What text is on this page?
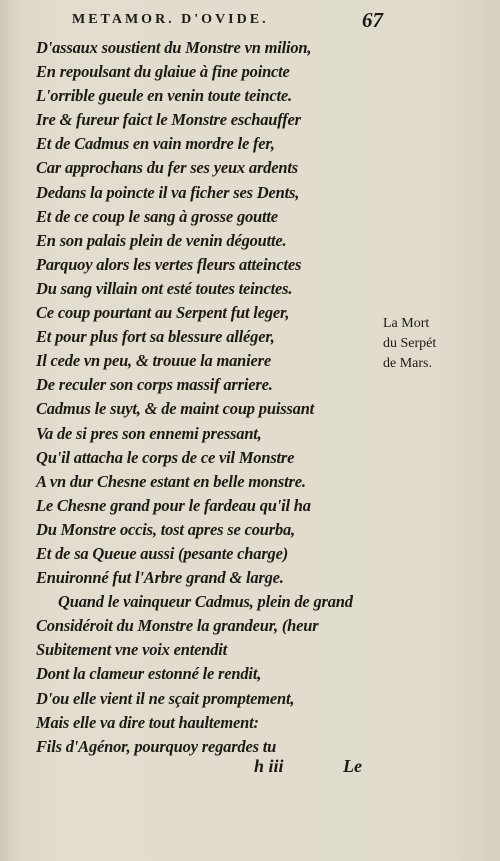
METAMOR. D'OVIDE.	67
D'assaux soustient du Monstre vn milion,
En repoulsant du glaiue à fine poincte
L'orrible gueule en venin toute teincte.
Ire & fureur faict le Monstre eschauffer
Et de Cadmus en vain mordre le fer,
Car approchans du fer ses yeux ardents
Dedans la poincte il va ficher ses Dents,
Et de ce coup le sang à grosse goutte
En son palais plein de venin dégoutte.
Parquoy alors les vertes fleurs atteinctes
Du sang villain ont esté toutes teinctes.
Ce coup pourtant au Serpent fut leger,
Et pour plus fort sa blessure alléger,
Il cede vn peu, & trouue la maniere
De reculer son corps massif arriere.
Cadmus le suyt, & de maint coup puissant
Va de si pres son ennemi pressant,
Qu'il attacha le corps de ce vil Monstre
A vn dur Chesne estant en belle monstre.
Le Chesne grand pour le fardeau qu'il ha
Du Monstre occis, tost apres se courba,
Et de sa Queue aussi (pesante charge)
Enuironné fut l'Arbre grand & large.
Quand le vainqueur Cadmus, plein de grand
Considéroit du Monstre la grandeur, (heur
Subitement vne voix entendit
Dont la clameur estonné le rendit,
D'ou elle vient il ne sçait promptement,
Mais elle va dire tout haultement:
Fils d'Agénor, pourquoy regardes tu
La Mort
du Serpét
de Mars.
h iii	Le
